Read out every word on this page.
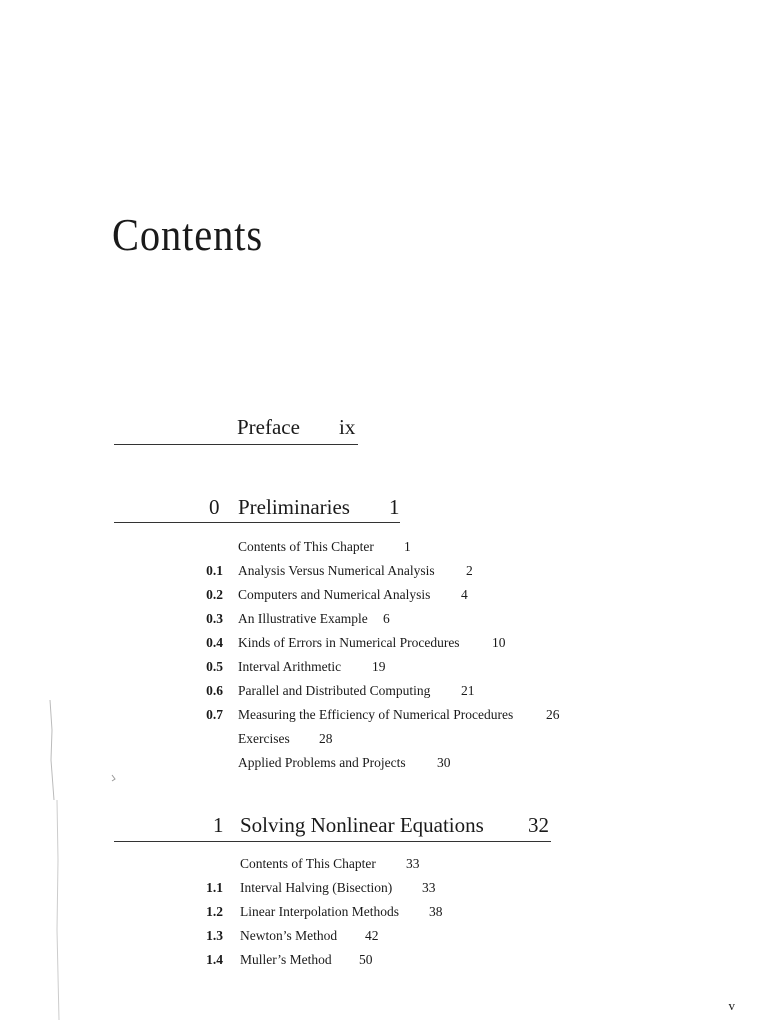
Contents
Preface ix
0 Preliminaries 1
Contents of This Chapter 1
0.1 Analysis Versus Numerical Analysis 2
0.2 Computers and Numerical Analysis 4
0.3 An Illustrative Example 6
0.4 Kinds of Errors in Numerical Procedures 10
0.5 Interval Arithmetic 19
0.6 Parallel and Distributed Computing 21
0.7 Measuring the Efficiency of Numerical Procedures 26
Exercises 28
Applied Problems and Projects 30
1 Solving Nonlinear Equations 32
Contents of This Chapter 33
1.1 Interval Halving (Bisection) 33
1.2 Linear Interpolation Methods 38
1.3 Newton’s Method 42
1.4 Muller’s Method 50
v
